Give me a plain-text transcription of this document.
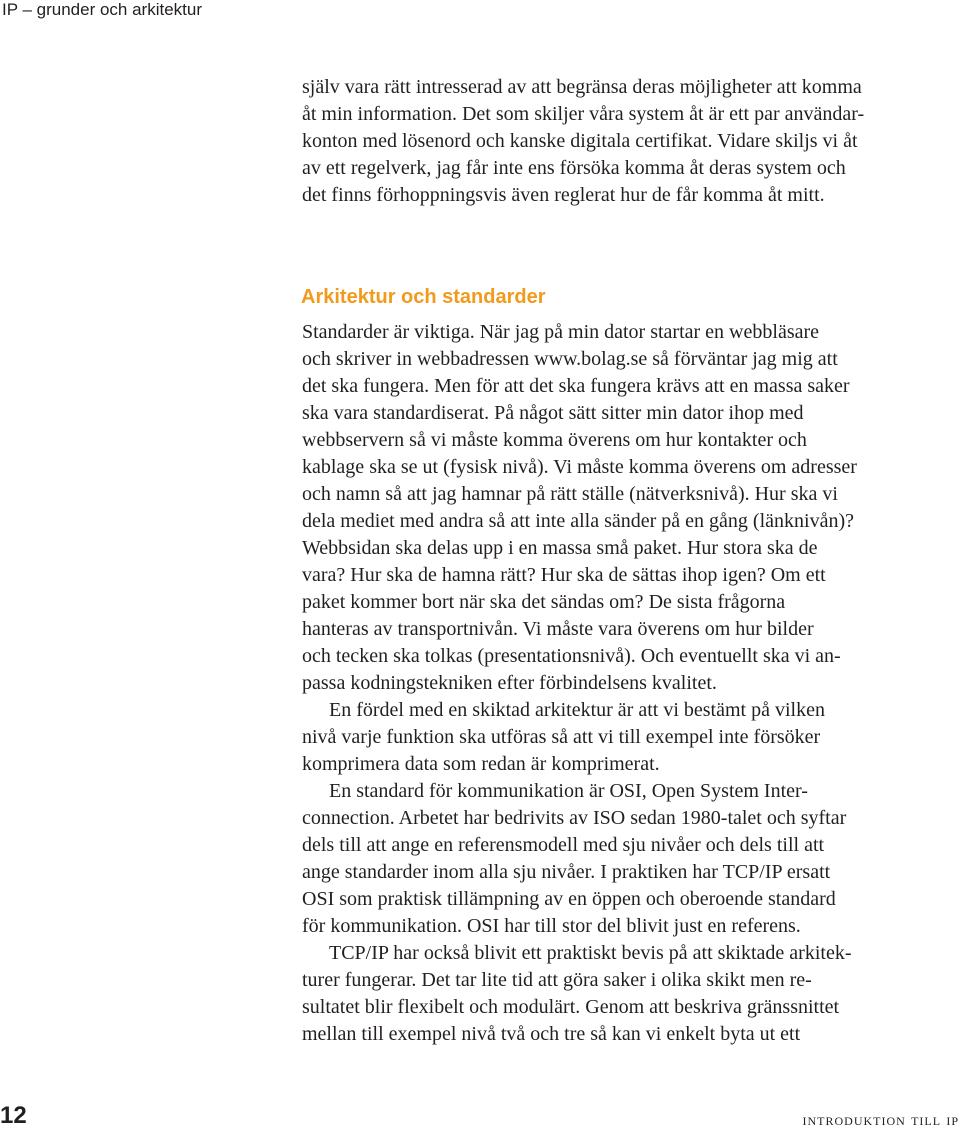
IP – grunder och arkitektur
själv vara rätt intresserad av att begränsa deras möjligheter att komma
åt min information. Det som skiljer våra system åt är ett par användar-
konton med lösenord och kanske digitala certifikat. Vidare skiljs vi åt
av ett regelverk, jag får inte ens försöka komma åt deras system och
det finns förhoppningsvis även reglerat hur de får komma åt mitt.
Arkitektur och standarder
Standarder är viktiga. När jag på min dator startar en webbläsare
och skriver in webbadressen www.bolag.se så förväntar jag mig att
det ska fungera. Men för att det ska fungera krävs att en massa saker
ska vara standardiserat. På något sätt sitter min dator ihop med
webbservern så vi måste komma överens om hur kontakter och
kablage ska se ut (fysisk nivå). Vi måste komma överens om adresser
och namn så att jag hamnar på rätt ställe (nätverksnivå). Hur ska vi
dela mediet med andra så att inte alla sänder på en gång (länknivån)?
Webbsidan ska delas upp i en massa små paket. Hur stora ska de
vara? Hur ska de hamna rätt? Hur ska de sättas ihop igen? Om ett
paket kommer bort när ska det sändas om? De sista frågorna
hanteras av transportnivån. Vi måste vara överens om hur bilder
och tecken ska tolkas (presentationsnivå). Och eventuellt ska vi an-
passa kodningstekniken efter förbindelsens kvalitet.
En fördel med en skiktad arkitektur är att vi bestämt på vilken
nivå varje funktion ska utföras så att vi till exempel inte försöker
komprimera data som redan är komprimerat.
En standard för kommunikation är OSI, Open System Inter-
connection. Arbetet har bedrivits av ISO sedan 1980-talet och syftar
dels till att ange en referensmodell med sju nivåer och dels till att
ange standarder inom alla sju nivåer. I praktiken har TCP/IP ersatt
OSI som praktisk tillämpning av en öppen och oberoende standard
för kommunikation. OSI har till stor del blivit just en referens.
TCP/IP har också blivit ett praktiskt bevis på att skiktade arkitek-
turer fungerar. Det tar lite tid att göra saker i olika skikt men re-
sultatet blir flexibelt och modulärt. Genom att beskriva gränssnittet
mellan till exempel nivå två och tre så kan vi enkelt byta ut ett
12	introduktion till ip
